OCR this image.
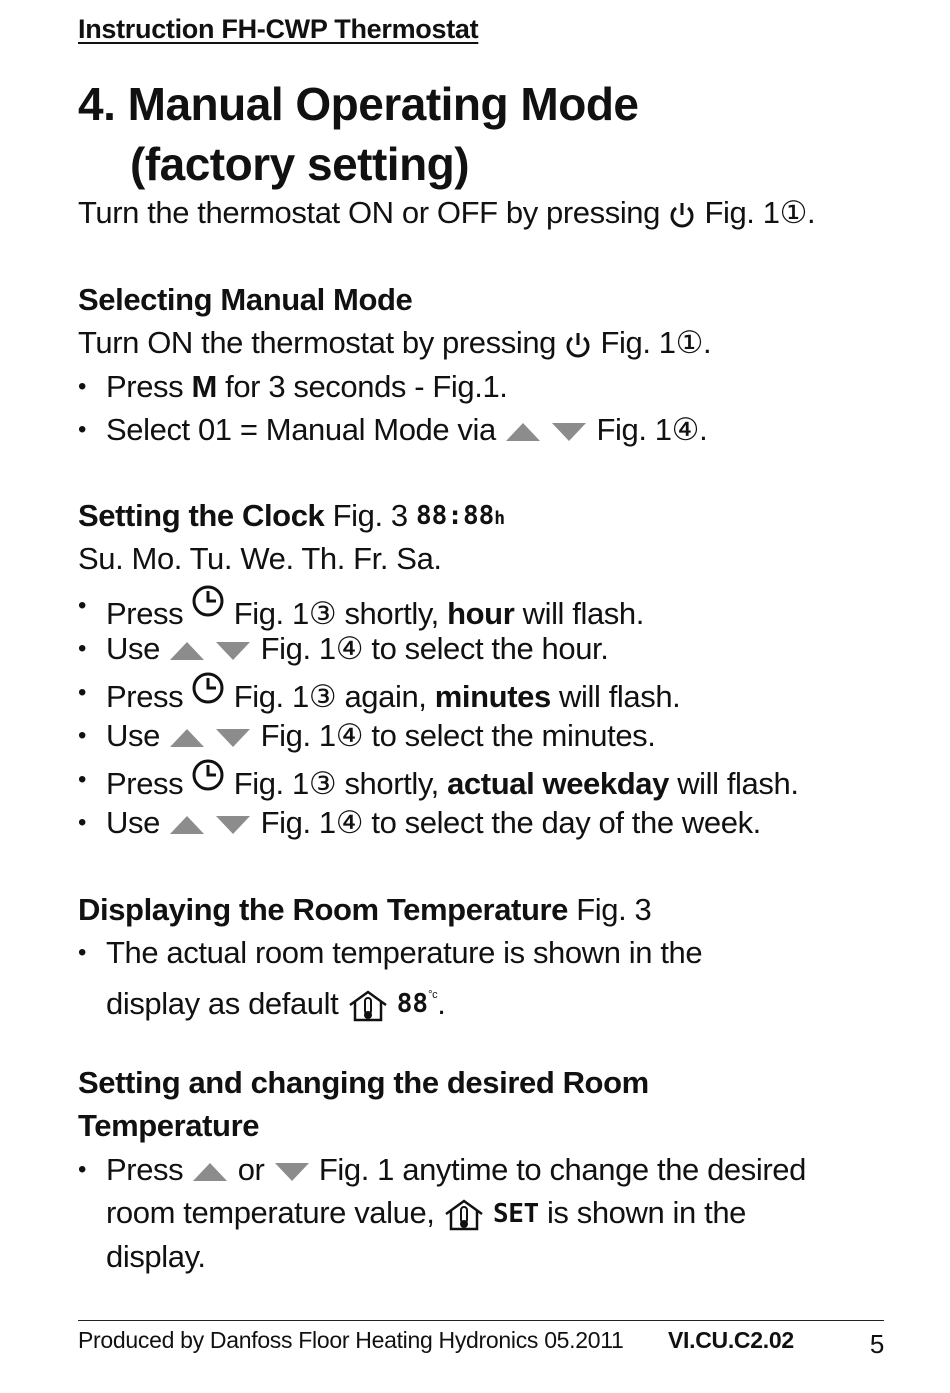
Instruction FH-CWP Thermostat
4. Manual Operating Mode
(factory setting)
Turn the thermostat ON or OFF by pressing Fig. 1①.
Selecting Manual Mode
Turn ON the thermostat by pressing Fig. 1①.
• Press M for 3 seconds - Fig.1.
• Select 01 = Manual Mode via	Fig. 1④.
Setting the Clock Fig. 3 88:88h
Su. Mo. Tu. We. Th. Fr. Sa.
• Press Fig. 1③ shortly, hour will flash.
• Use	Fig. 1④ to select the hour.
• Press Fig. 1③ again, minutes will flash.
• Use	Fig. 1④ to select the minutes.
• Press Fig. 1③ shortly, actual weekday will flash.
• Use	Fig. 1④ to select the day of the week.
Displaying the Room Temperature Fig. 3
• The actual room temperature is shown in the
display as default $88^{^\circ c}$.
Setting and changing the desired Room
Temperature
• Press or Fig. 1 anytime to change the desired
room temperature value, SET is shown in the
display.
Produced by Danfoss Floor Heating Hydronics 05.2011 VI.CU.C2.02	5
